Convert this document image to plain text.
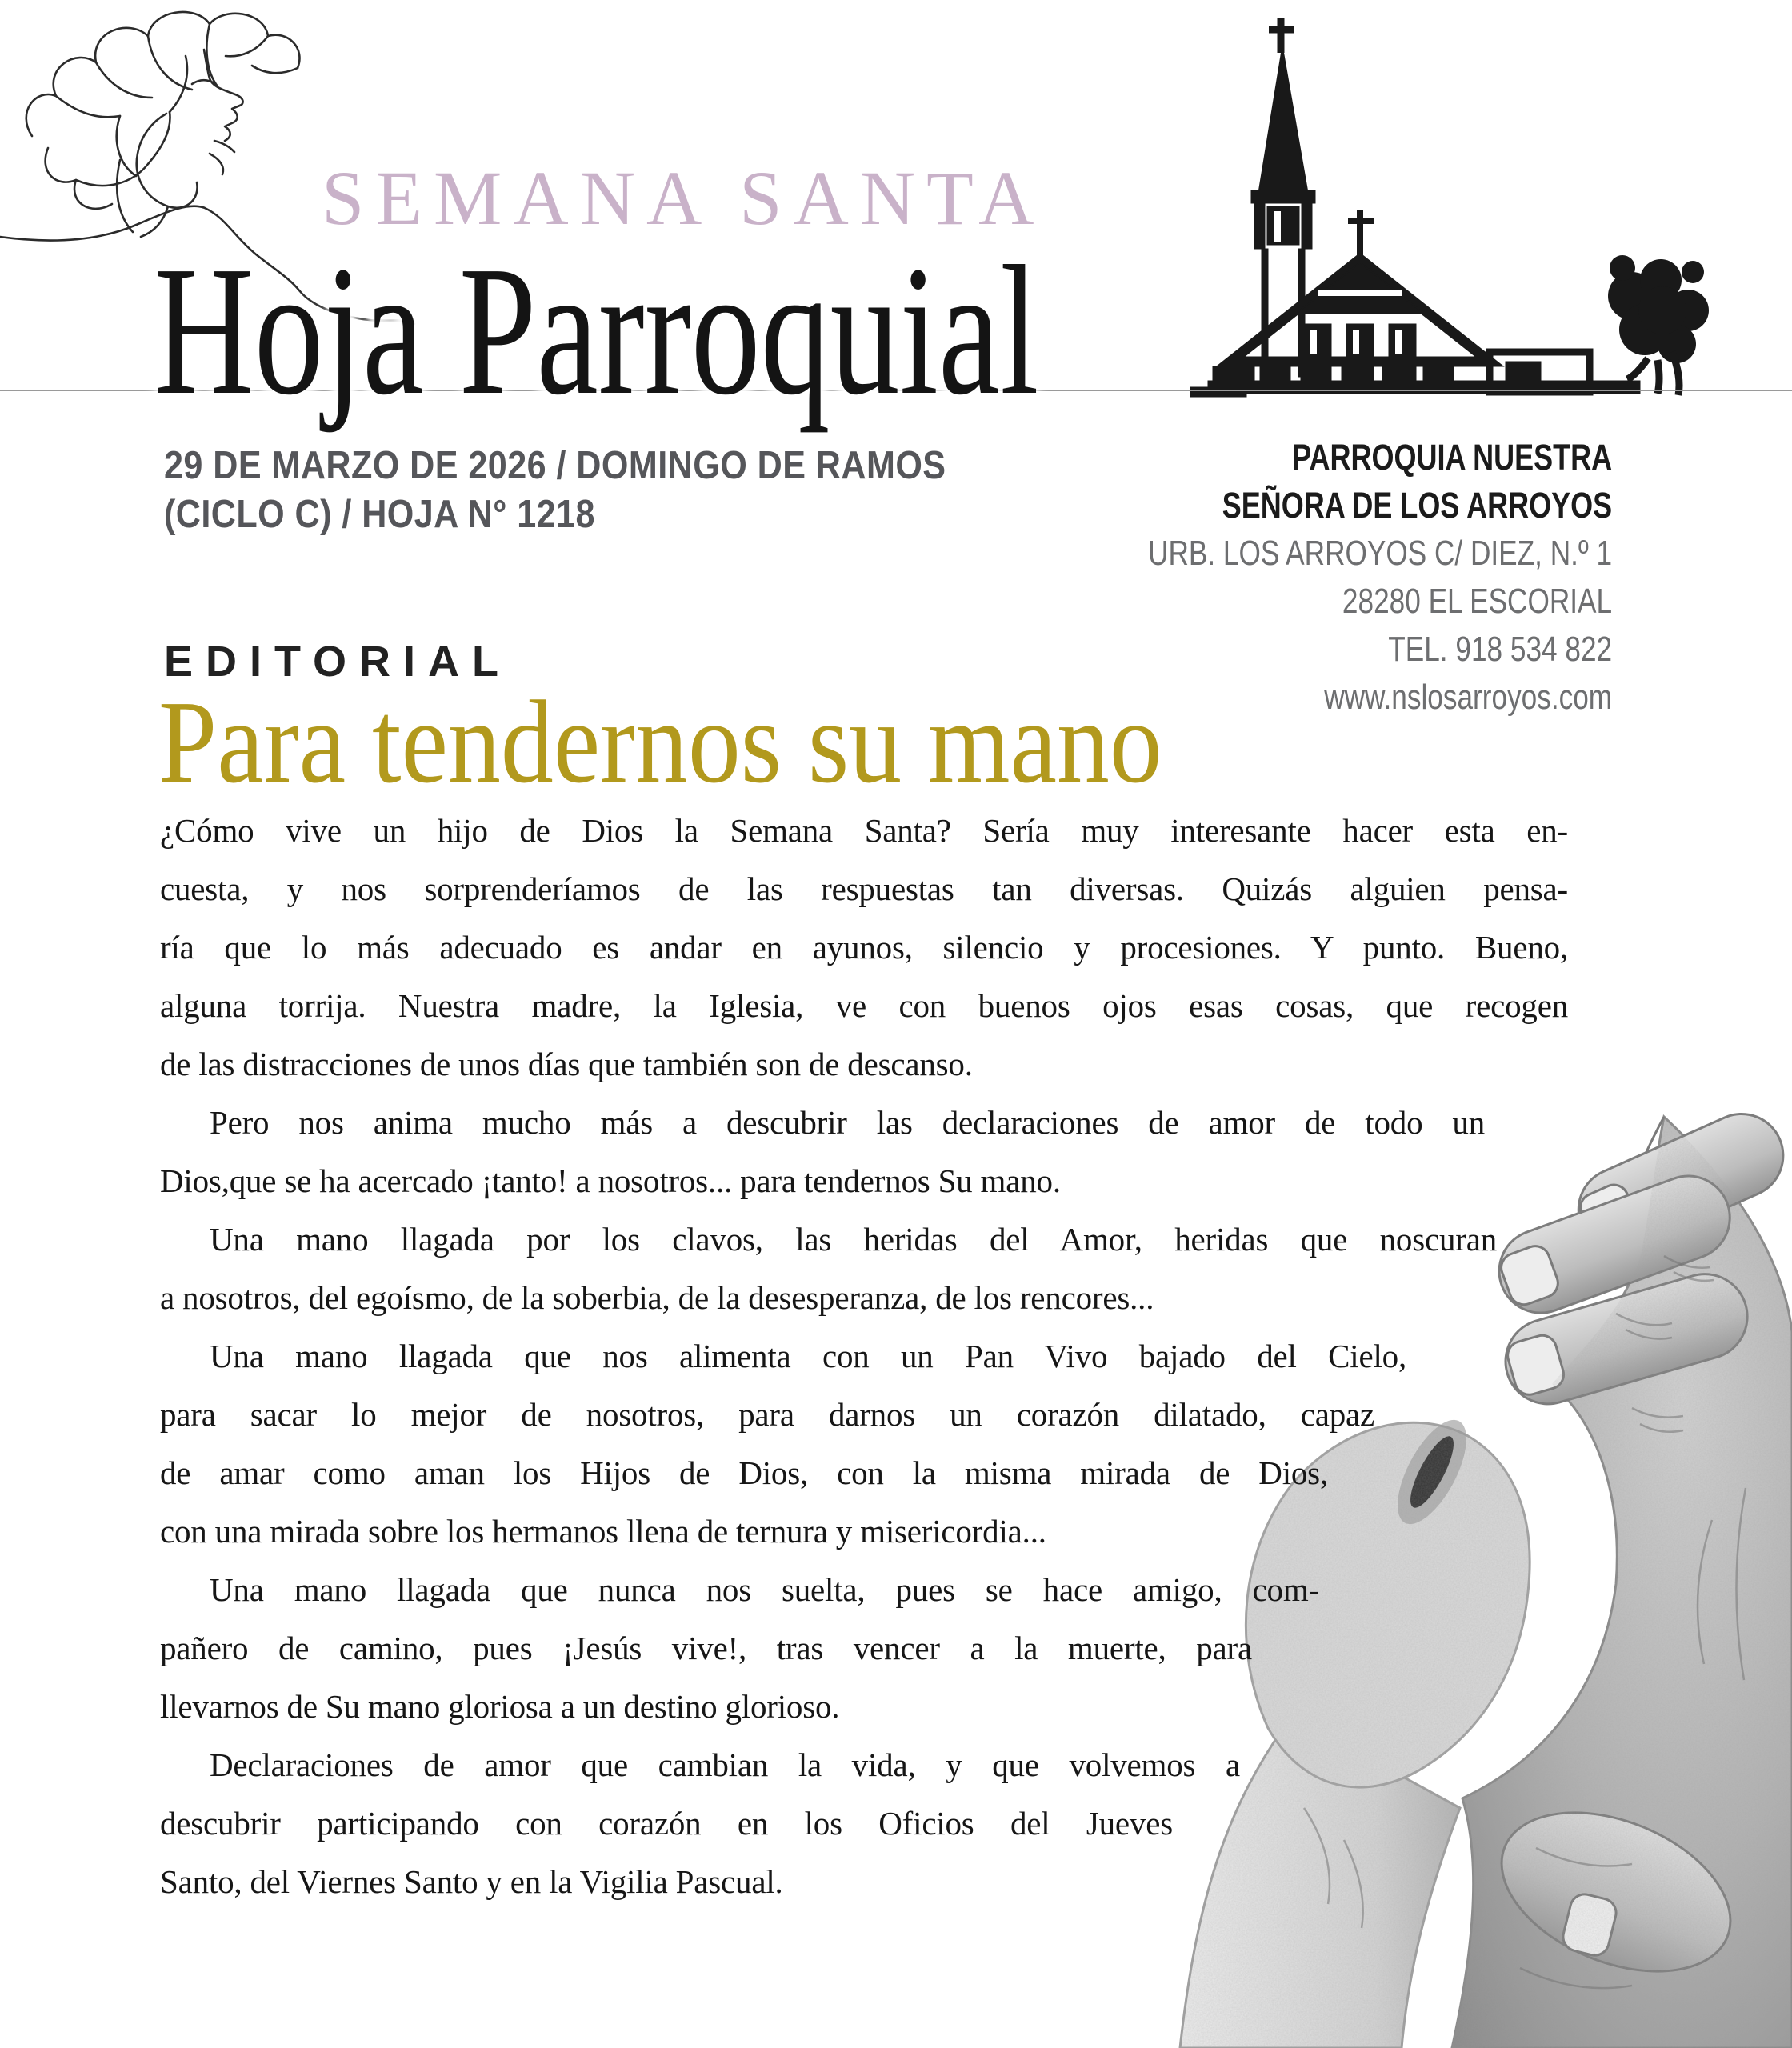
SEMANA SANTA
Hoja Parroquial
29 DE MARZO DE 2026 / DOMINGO DE RAMOS
(CICLO C) / HOJA N° 1218
PARROQUIA NUESTRA
SEÑORA DE LOS ARROYOS
URB. LOS ARROYOS C/ DIEZ, N.º 1
28280 EL ESCORIAL
TEL. 918 534 822
www.nslosarroyos.com
EDITORIAL
Para tendernos su mano
¿Cómo vive un hijo de Dios la Semana Santa? Sería muy interesante hacer esta en-
cuesta, y nos sorprenderíamos de las respuestas tan diversas. Quizás alguien pensa-
ría que lo más adecuado es andar en ayunos, silencio y procesiones. Y punto. Bueno,
alguna torrija. Nuestra madre, la Iglesia, ve con buenos ojos esas cosas, que recogen
de las distracciones de unos días que también son de descanso.
Pero nos anima mucho más a descubrir las declaraciones de amor de todo un
Dios,que se ha acercado ¡tanto! a nosotros... para tendernos Su mano.
Una mano llagada por los clavos, las heridas del Amor, heridas que noscuran
a nosotros, del egoísmo, de la soberbia, de la desesperanza, de los rencores...
Una mano llagada que nos alimenta con un Pan Vivo bajado del Cielo,
para sacar lo mejor de nosotros, para darnos un corazón dilatado, capaz
de amar como aman los Hijos de Dios, con la misma mirada de Dios,
con una mirada sobre los hermanos llena de ternura y misericordia...
Una mano llagada que nunca nos suelta, pues se hace amigo, com-
pañero de camino, pues ¡Jesús vive!, tras vencer a la muerte, para
llevarnos de Su mano gloriosa a un destino glorioso.
Declaraciones de amor que cambian la vida, y que volvemos a
descubrir participando con corazón en los Oficios del Jueves
Santo, del Viernes Santo y en la Vigilia Pascual.
